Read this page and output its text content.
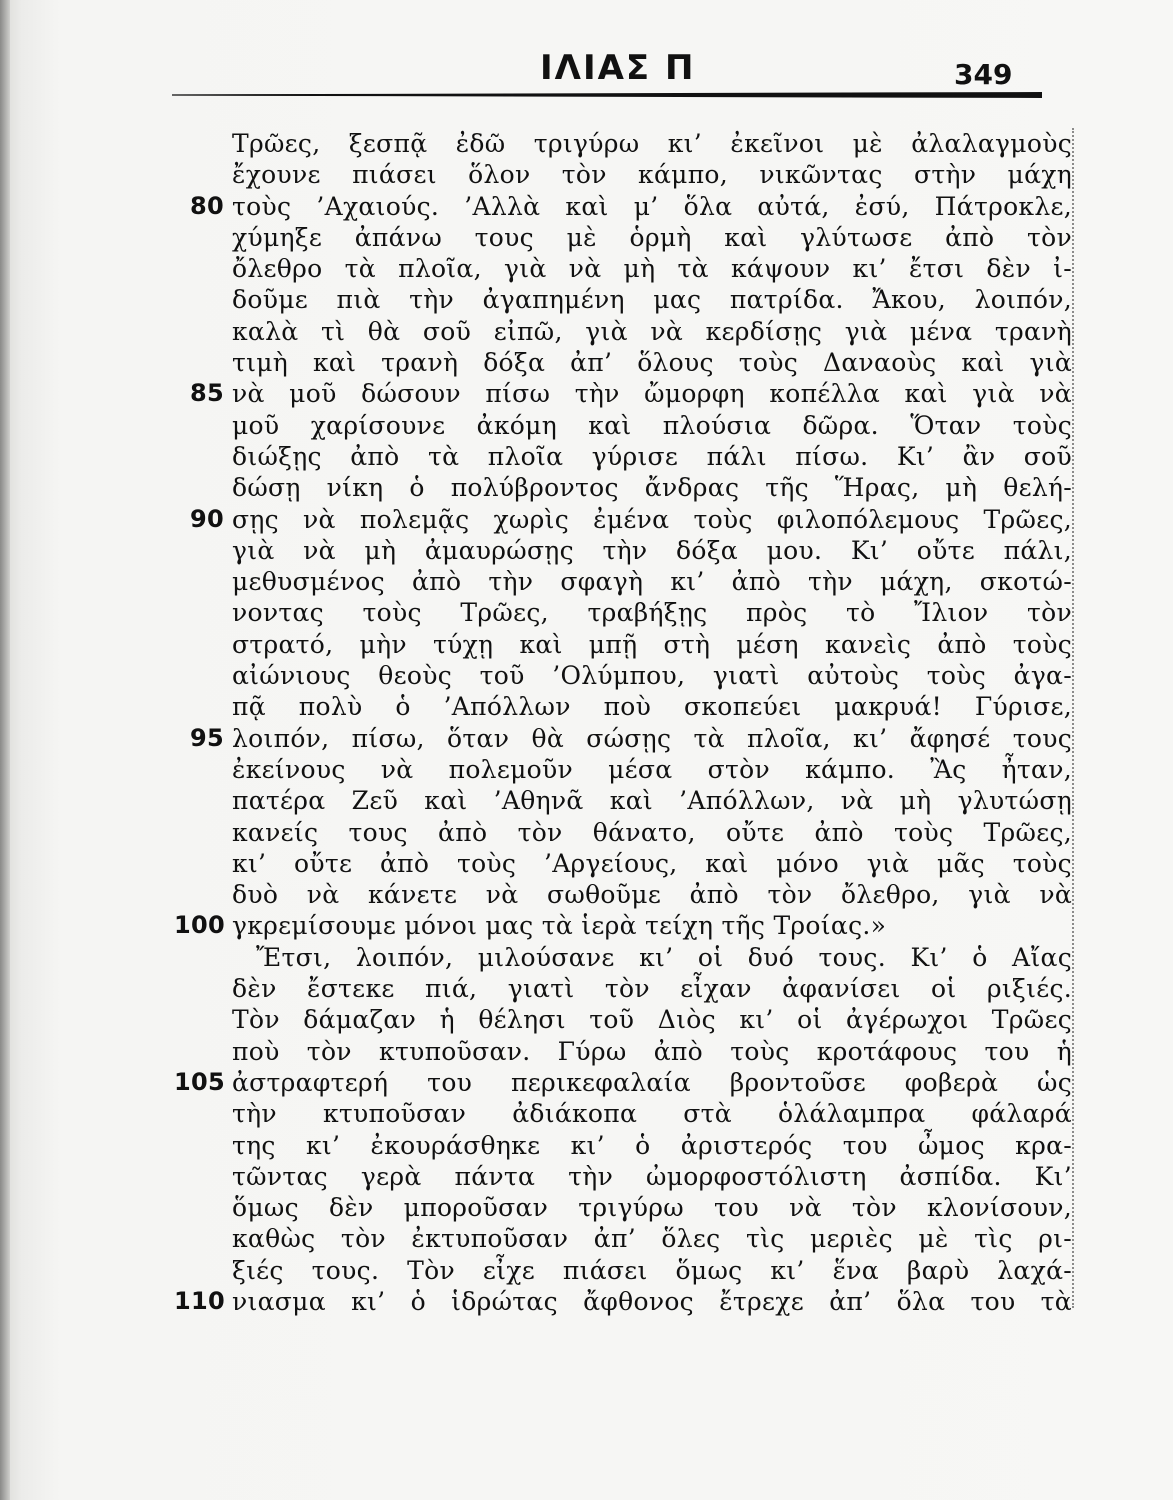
ΙΛΙΑΣ Π	349
Τρῶες, ξεσπᾷ ἐδῶ τριγύρω κι’ ἐκεῖνοι μὲ ἀλαλαγμοὺς
ἔχουνε πιάσει ὅλον τὸν κάμπο, νικῶντας στὴν μάχη
80 τοὺς ’Αχαιούς. ’Αλλὰ καὶ μ’ ὅλα αὐτά, ἐσύ, Πάτροκλε,
χύμηξε ἀπάνω τους μὲ ὁρμὴ καὶ γλύτωσε ἀπὸ τὸν
ὄλεθρο τὰ πλοῖα, γιὰ νὰ μὴ τὰ κάψουν κι’ ἔτσι δὲν ἰ-
δοῦμε πιὰ τὴν ἀγαπημένη μας πατρίδα. Ἄκου, λοιπόν,
καλὰ τὶ θὰ σοῦ εἰπῶ, γιὰ νὰ κερδίσῃς γιὰ μένα τρανὴ
τιμὴ καὶ τρανὴ δόξα ἀπ’ ὅλους τοὺς Δαναοὺς καὶ γιὰ
85 νὰ μοῦ δώσουν πίσω τὴν ὤμορφη κοπέλλα καὶ γιὰ νὰ
μοῦ χαρίσουνε ἀκόμη καὶ πλούσια δῶρα. Ὅταν τοὺς
διώξῃς ἀπὸ τὰ πλοῖα γύρισε πάλι πίσω. Κι’ ἂν σοῦ
δώσῃ νίκη ὁ πολύβροντος ἄνδρας τῆς Ἥρας, μὴ θελή-
90 σῃς νὰ πολεμᾷς χωρὶς ἐμένα τοὺς φιλοπόλεμους Τρῶες,
γιὰ νὰ μὴ ἀμαυρώσῃς τὴν δόξα μου. Κι’ οὔτε πάλι,
μεθυσμένος ἀπὸ τὴν σφαγὴ κι’ ἀπὸ τὴν μάχη, σκοτώ-
νοντας τοὺς Τρῶες, τραβήξῃς πρὸς τὸ Ἴλιον τὸν
στρατό, μὴν τύχῃ καὶ μπῇ στὴ μέση κανεὶς ἀπὸ τοὺς
αἰώνιους θεοὺς τοῦ ’Ολύμπου, γιατὶ αὐτοὺς τοὺς ἀγα-
πᾷ πολὺ ὁ ’Απόλλων ποὺ σκοπεύει μακρυά! Γύρισε,
95 λοιπόν, πίσω, ὅταν θὰ σώσῃς τὰ πλοῖα, κι’ ἄφησέ τους
ἐκείνους νὰ πολεμοῦν μέσα στὸν κάμπο. Ἂς ἦταν,
πατέρα Ζεῦ καὶ ’Αθηνᾶ καὶ ’Απόλλων, νὰ μὴ γλυτώσῃ
κανείς τους ἀπὸ τὸν θάνατο, οὔτε ἀπὸ τοὺς Τρῶες,
κι’ οὔτε ἀπὸ τοὺς ’Αργείους, καὶ μόνο γιὰ μᾶς τοὺς
δυὸ νὰ κάνετε νὰ σωθοῦμε ἀπὸ τὸν ὄλεθρο, γιὰ νὰ
100 γκρεμίσουμε μόνοι μας τὰ ἱερὰ τείχη τῆς Τροίας.»
Ἔτσι, λοιπόν, μιλούσανε κι’ οἱ δυό τους. Κι’ ὁ Αἴας
δὲν ἔστεκε πιά, γιατὶ τὸν εἶχαν ἀφανίσει οἱ ριξιές.
Τὸν δάμαζαν ἡ θέλησι τοῦ Διὸς κι’ οἱ ἀγέρωχοι Τρῶες
ποὺ τὸν κτυποῦσαν. Γύρω ἀπὸ τοὺς κροτάφους του ἡ
105 ἀστραφτερή του περικεφαλαία βροντοῦσε φοβερὰ ὡς
τὴν κτυποῦσαν ἀδιάκοπα στὰ ὁλάλαμπρα φάλαρά
της κι’ ἐκουράσθηκε κι’ ὁ ἀριστερός του ὦμος κρα-
τῶντας γερὰ πάντα τὴν ὠμορφοστόλιστη ἀσπίδα. Κι’
ὅμως δὲν μποροῦσαν τριγύρω του νὰ τὸν κλονίσουν,
καθὼς τὸν ἐκτυποῦσαν ἀπ’ ὅλες τὶς μεριὲς μὲ τὶς ρι-
ξιές τους. Τὸν εἶχε πιάσει ὅμως κι’ ἕνα βαρὺ λαχά-
110 νιασμα κι’ ὁ ἱδρώτας ἄφθονος ἔτρεχε ἀπ’ ὅλα του τὰ
